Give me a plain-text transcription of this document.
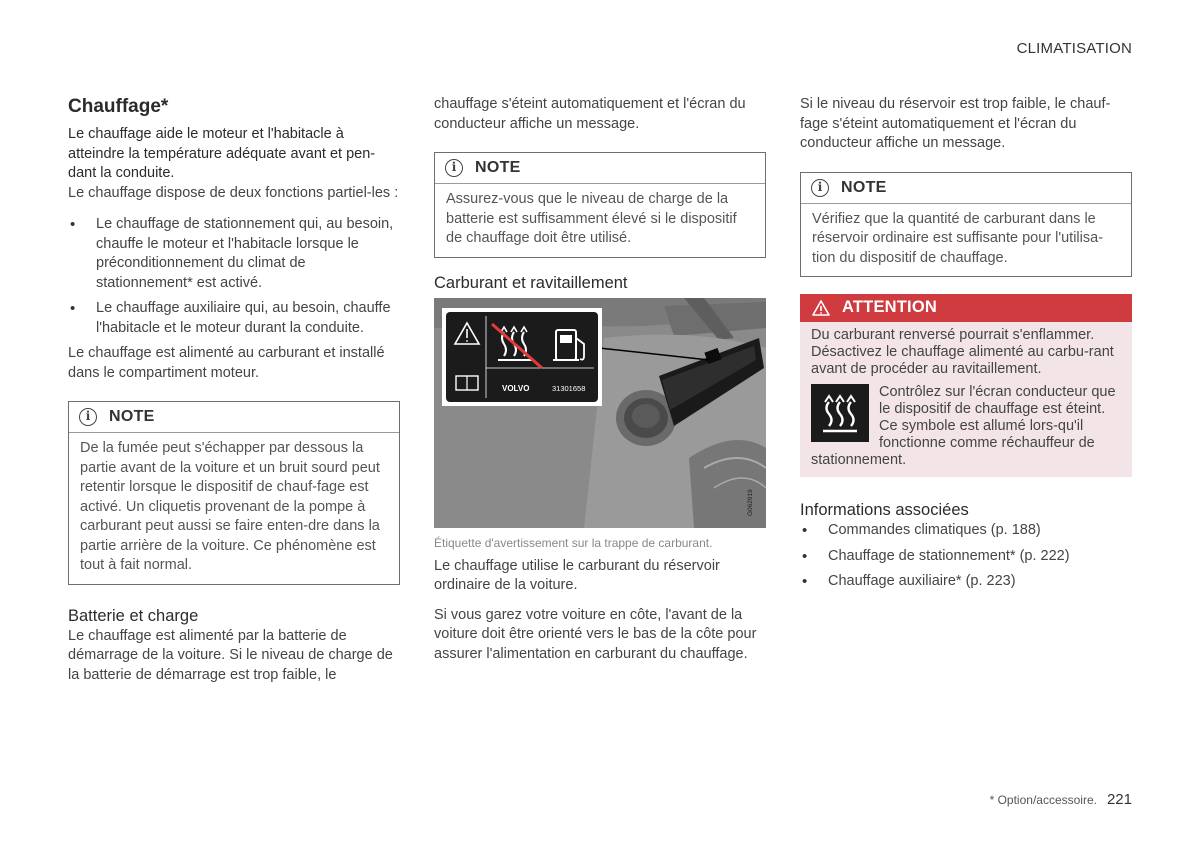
CLIMATISATION
Chauffage*
Le chauffage aide le moteur et l'habitacle à atteindre la température adéquate avant et pen-dant la conduite.

Le chauffage dispose de deux fonctions partiel-les :

• Le chauffage de stationnement qui, au besoin, chauffe le moteur et l'habitacle lorsque le préconditionnement du climat de stationnement* est activé.
• Le chauffage auxiliaire qui, au besoin, chauffe l'habitacle et le moteur durant la conduite.

Le chauffage est alimenté au carburant et installé dans le compartiment moteur.

i	NOTE
De la fumée peut s'échapper par dessous la partie avant de la voiture et un bruit sourd peut retentir lorsque le dispositif de chauf-fage est activé. Un cliquetis provenant de la pompe à carburant peut aussi se faire enten-dre dans la partie arrière de la voiture. Ce phénomène est tout à fait normal.
Batterie et charge
Le chauffage est alimenté par la batterie de démarrage de la voiture. Si le niveau de charge de la batterie de démarrage est trop faible, le

chauffage s'éteint automatiquement et l'écran du conducteur affiche un message.

i	NOTE
Assurez-vous que le niveau de charge de la batterie est suffisamment élevé si le dispositif de chauffage doit être utilisé.
Carburant et ravitaillement
VOLVO	31301658
G062919
Étiquette d'avertissement sur la trappe de carburant.

Le chauffage utilise le carburant du réservoir ordinaire de la voiture.

Si vous garez votre voiture en côte, l'avant de la voiture doit être orienté vers le bas de la côte pour assurer l'alimentation en carburant du chauffage.

Si le niveau du réservoir est trop faible, le chauf-fage s'éteint automatiquement et l'écran du conducteur affiche un message.

i	NOTE
Vérifiez que la quantité de carburant dans le réservoir ordinaire est suffisante pour l'utilisa-tion du dispositif de chauffage.
ATTENTION
Du carburant renversé pourrait s'enflammer. Désactivez le chauffage alimenté au carbu-rant avant de procéder au ravitaillement.
Contrôlez sur l'écran conducteur que le dispositif de chauffage est éteint. Ce symbole est allumé lors-qu'il fonctionne comme réchauffeur de stationnement.
Informations associées
• Commandes climatiques (p. 188)
• Chauffage de stationnement* (p. 222)
• Chauffage auxiliaire* (p. 223)
* Option/accessoire. 221
